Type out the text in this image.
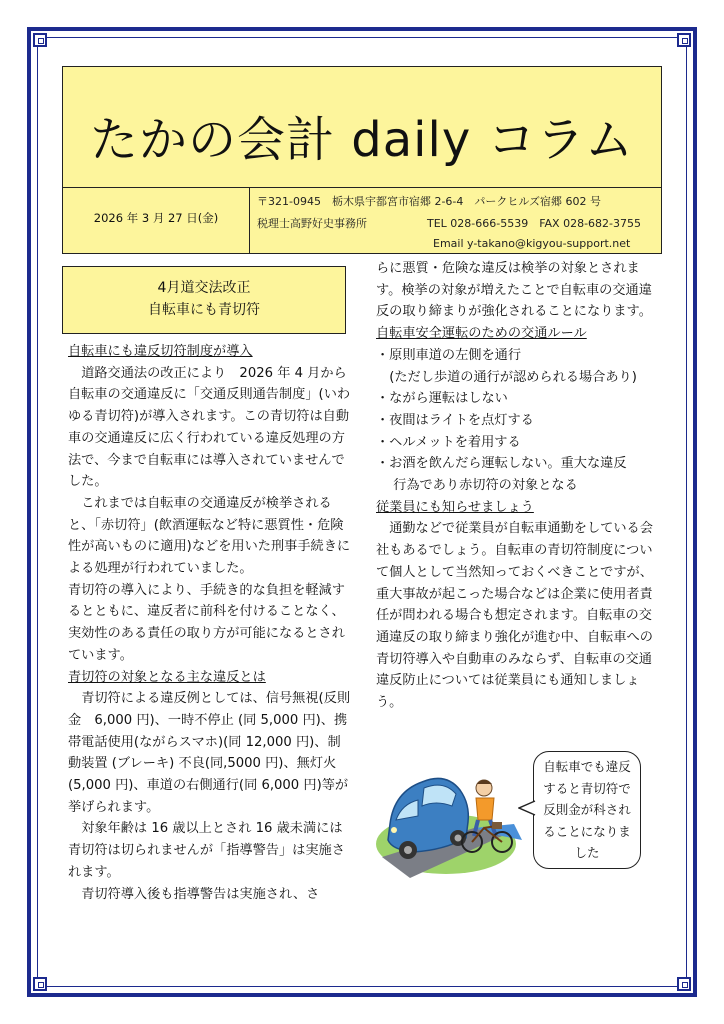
たかの会計 daily コラム
2026 年 3 月 27 日(金)
〒321-0945　栃木県宇都宮市宿郷 2-6-4　パークヒルズ宿郷 602 号
税理士高野好史事務所	TEL 028-666-5539　FAX 028-682-3755
Email y-takano@kigyou-support.net
4月道交法改正
自転車にも青切符

自転車にも違反切符制度が導入

道路交通法の改正により　2026 年 4 月から自転車の交通違反に「交通反則通告制度」(いわゆる青切符)が導入されます。この青切符は自動車の交通違反に広く行われている違反処理の方法で、今まで自転車には導入されていませんでした。

これまでは自転車の交通違反が検挙されると、「赤切符」(飲酒運転など特に悪質性・危険性が高いものに適用)などを用いた刑事手続きによる処理が行われていました。

青切符の導入により、手続き的な負担を軽減するとともに、違反者に前科を付けることなく、実効性のある責任の取り方が可能になるとされています。

青切符の対象となる主な違反とは

青切符による違反例としては、信号無視(反則金　6,000 円)、一時不停止 (同 5,000 円)、携帯電話使用(ながらスマホ)(同 12,000 円)、制動装置 (ブレーキ) 不良(同,5000 円)、無灯火 (5,000 円)、車道の右側通行(同 6,000 円)等が挙げられます。

対象年齢は 16 歳以上とされ 16 歳未満には青切符は切られませんが「指導警告」は実施されます。

青切符導入後も指導警告は実施され、さ

らに悪質・危険な違反は検挙の対象とされます。検挙の対象が増えたことで自転車の交通違反の取り締まりが強化されることになります。

自転車安全運転のための交通ルール

・原則車道の左側を通行

(ただし歩道の通行が認められる場合あり)

・ながら運転はしない

・夜間はライトを点灯する

・ヘルメットを着用する

・お酒を飲んだら運転しない。重大な違反

行為であり赤切符の対象となる

従業員にも知らせましょう

通勤などで従業員が自転車通勤をしている会社もあるでしょう。自転車の青切符制度について個人として当然知っておくべきことですが、重大事故が起こった場合などは企業に使用者責任が問われる場合も想定されます。自転車の交通違反の取り締まり強化が進む中、自転車への青切符導入や自動車のみならず、自転車の交通違反防止については従業員にも通知しましょう。

自転車でも違反すると青切符で反則金が科されることになりました
